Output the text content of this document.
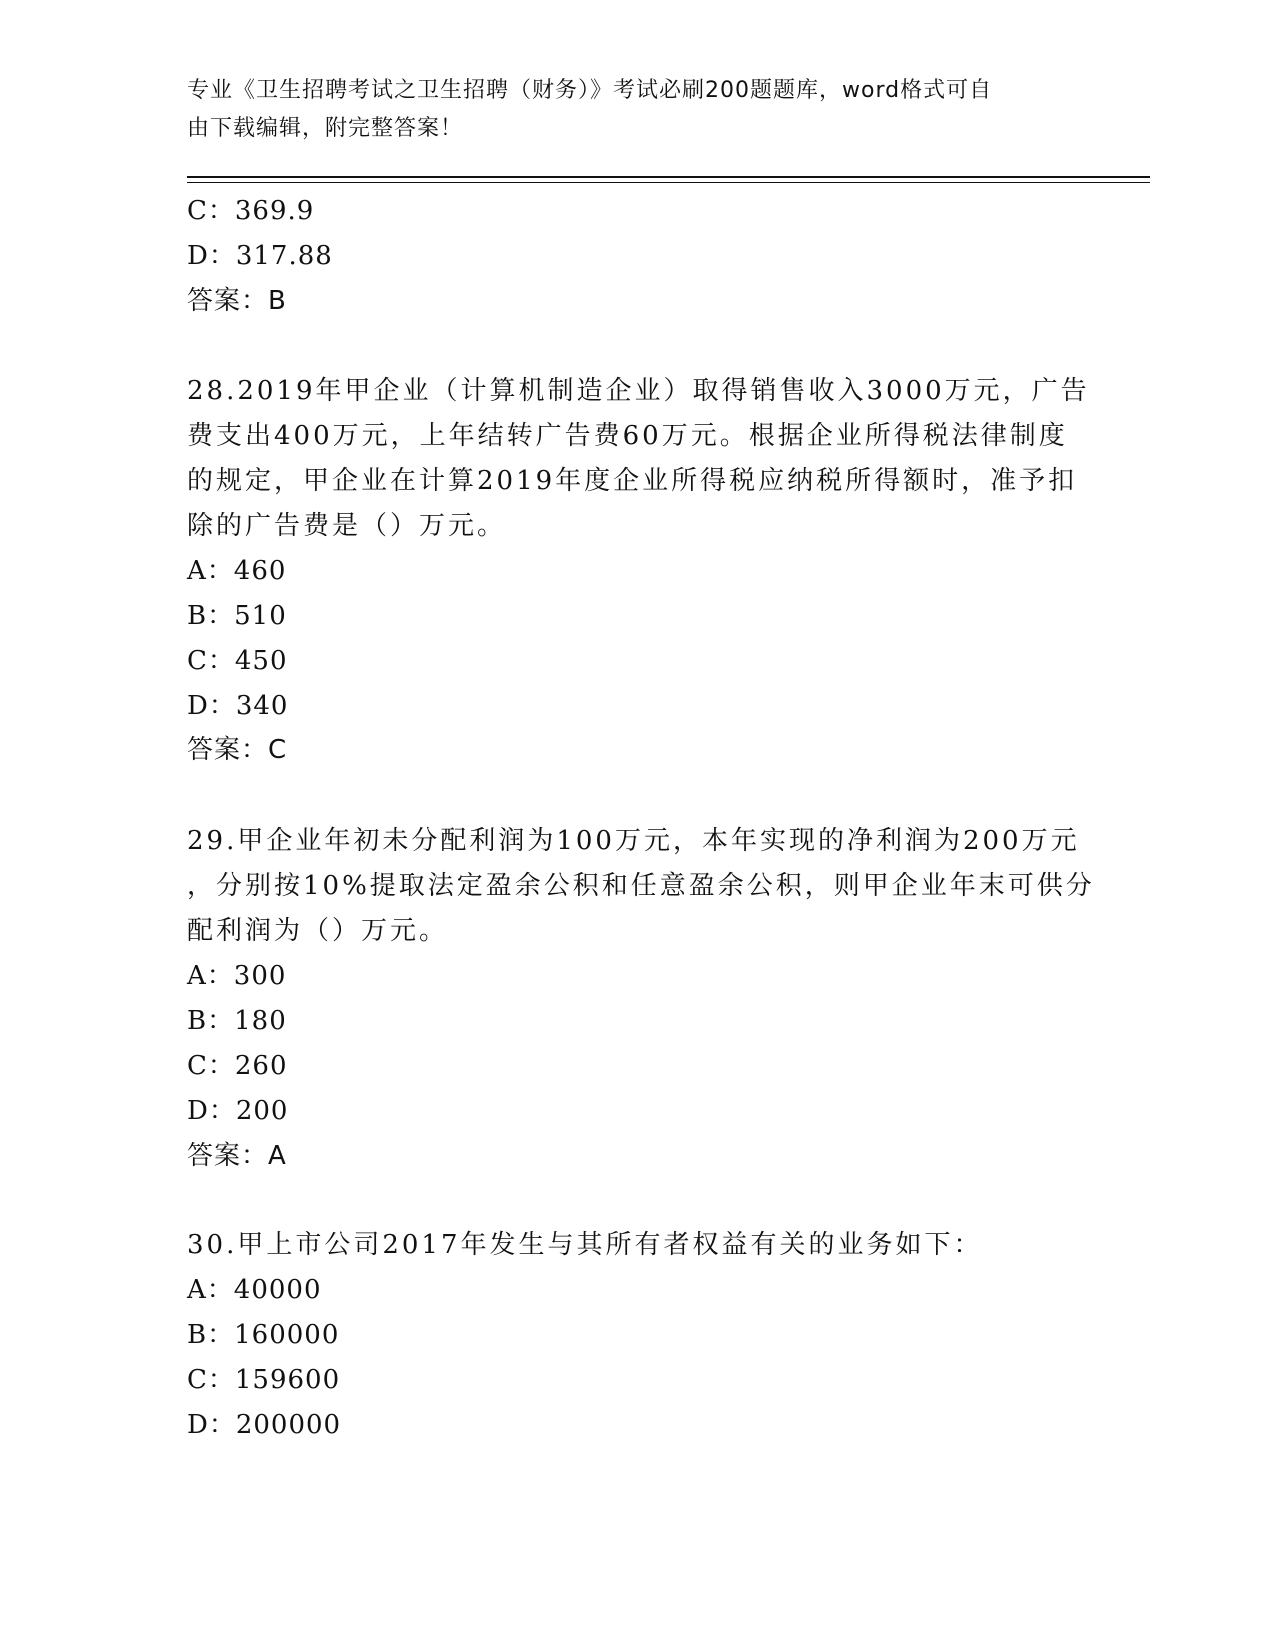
专业《卫生招聘考试之卫生招聘（财务）》考试必刷200题题库，word格式可自
由下载编辑，附完整答案！
C：369.9
D：317.88
答案：B
28.2019年甲企业（计算机制造企业）取得销售收入3000万元，广告
费支出400万元，上年结转广告费60万元。根据企业所得税法律制度
的规定，甲企业在计算2019年度企业所得税应纳税所得额时，准予扣
除的广告费是（）万元。
A：460
B：510
C：450
D：340
答案：C
29.甲企业年初未分配利润为100万元，本年实现的净利润为200万元
，分别按10%提取法定盈余公积和任意盈余公积，则甲企业年末可供分
配利润为（）万元。
A：300
B：180
C：260
D：200
答案：A
30.甲上市公司2017年发生与其所有者权益有关的业务如下：
A：40000
B：160000
C：159600
D：200000
